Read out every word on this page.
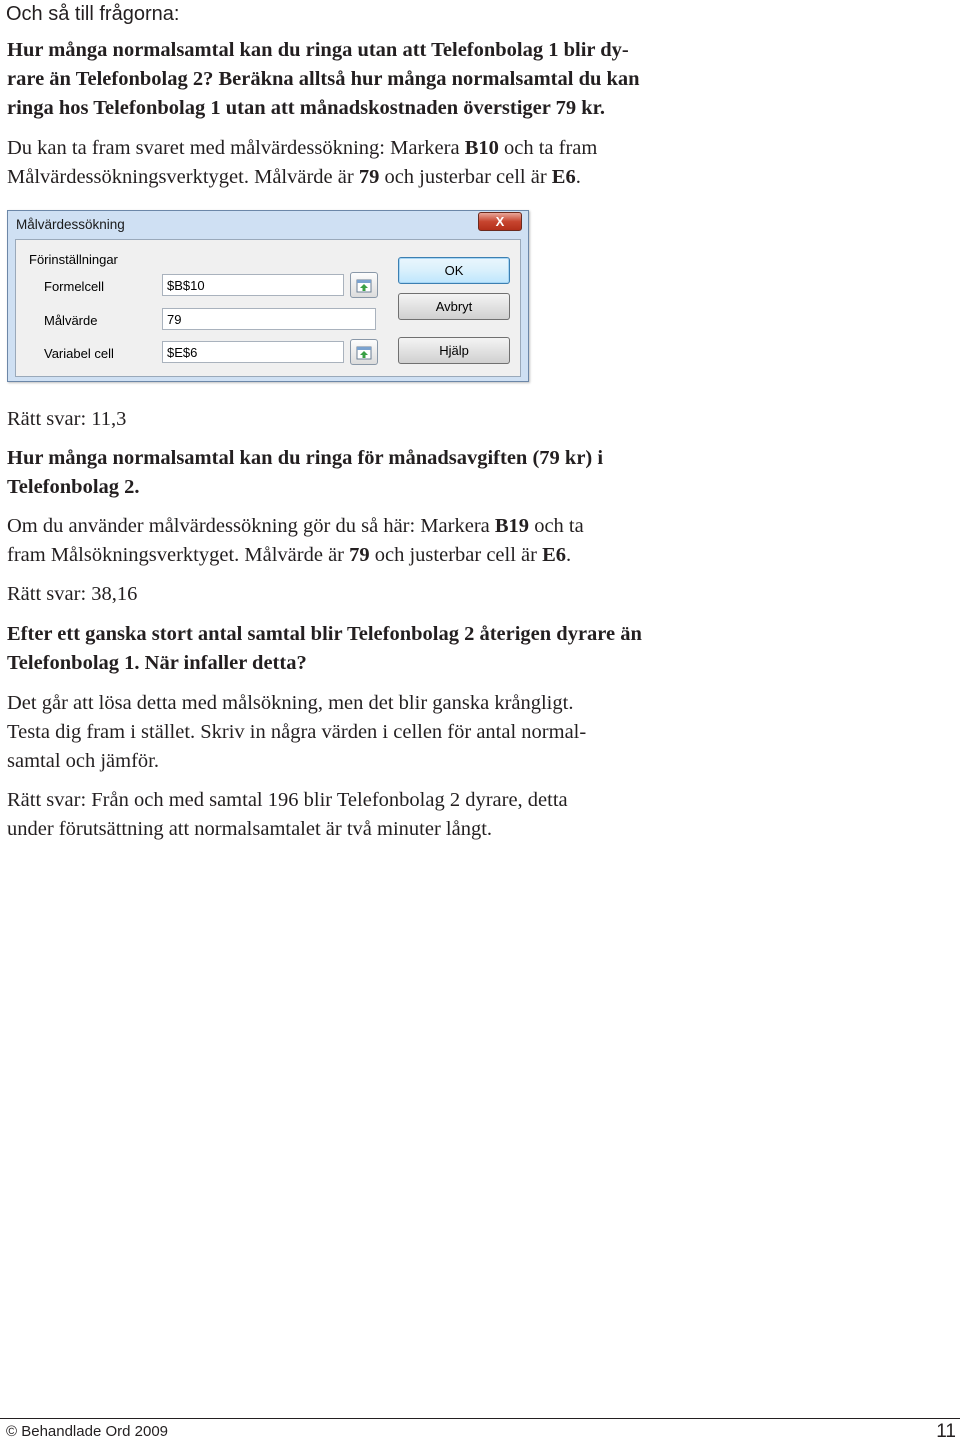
Och så till frågorna:
Hur många normalsamtal kan du ringa utan att Telefonbolag 1 blir dy-
rare än Telefonbolag 2? Beräkna alltså hur många normalsamtal du kan
ringa hos Telefonbolag 1 utan att månadskostnaden överstiger 79 kr.
Du kan ta fram svaret med målvärdessökning: Markera B10 och ta fram
Målvärdessökningsverktyget. Målvärde är 79 och justerbar cell är E6.
Målvärdessökning	X
Förinställningar
Formelcell	$B$10
Målvärde	79
Variabel cell	$E$6
OK
Avbryt
Hjälp
Rätt svar: 11,3
Hur många normalsamtal kan du ringa för månadsavgiften (79 kr) i
Telefonbolag 2.
Om du använder målvärdessökning gör du så här: Markera B19 och ta
fram Målsökningsverktyget. Målvärde är 79 och justerbar cell är E6.
Rätt svar: 38,16
Efter ett ganska stort antal samtal blir Telefonbolag 2 återigen dyrare än
Telefonbolag 1. När infaller detta?
Det går att lösa detta med målsökning, men det blir ganska krångligt.
Testa dig fram i stället. Skriv in några värden i cellen för antal normal-
samtal och jämför.
Rätt svar: Från och med samtal 196 blir Telefonbolag 2 dyrare, detta
under förutsättning att normalsamtalet är två minuter långt.
© Behandlade Ord 2009	11
